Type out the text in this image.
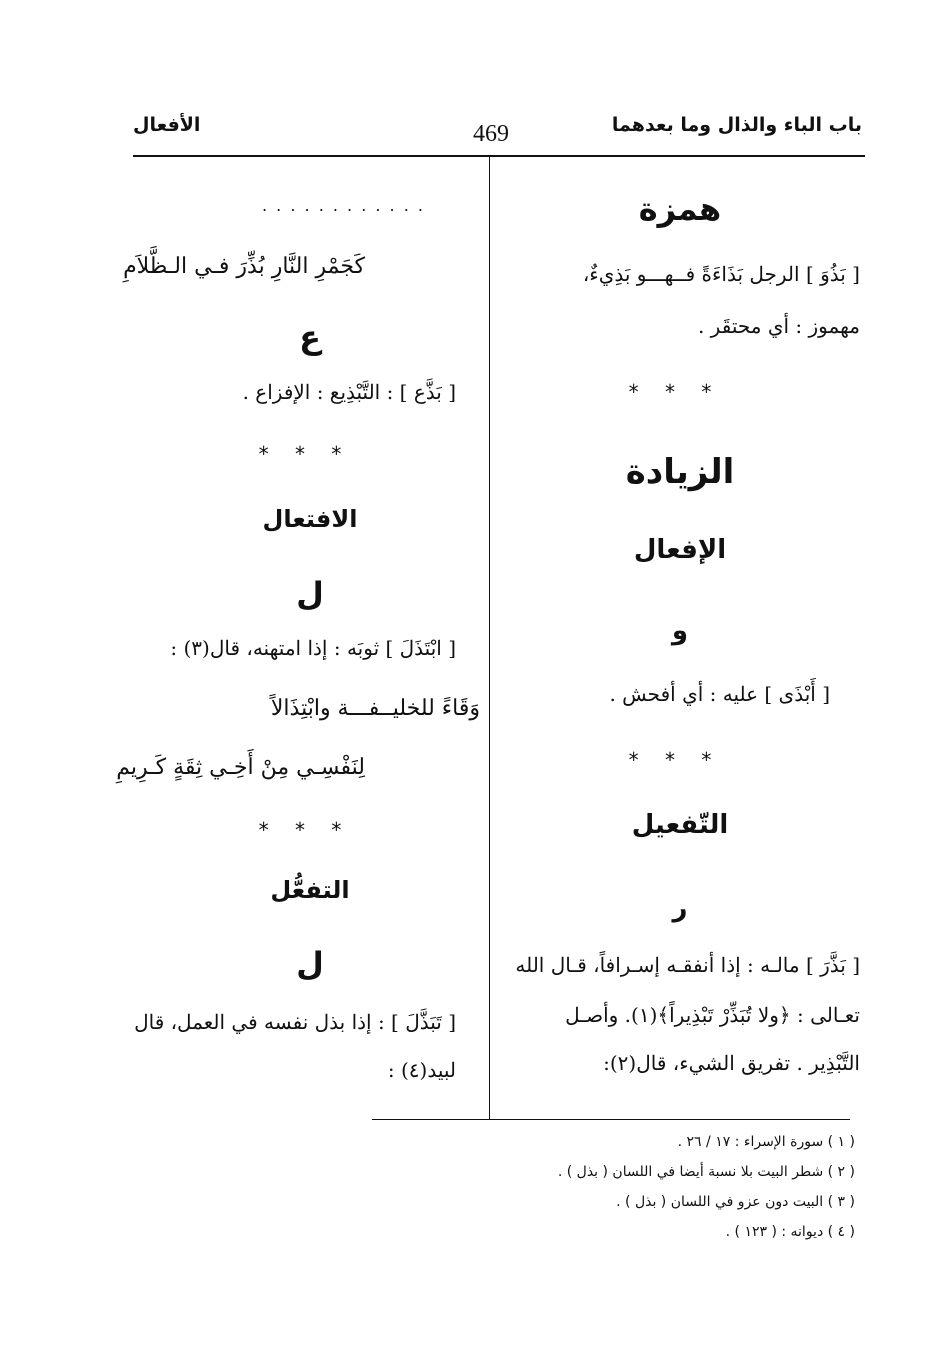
باب الباء والذال وما بعدهما
الأفعال	469
همزة
[ بَذُوَ ] الرجل بَذَاءَةً فــهـــو بَذِيءٌ،
مهموز : أي محتقَر .
* * *
الزيادة
الإفعال
و
[ أَبْذَى ] عليه : أي أفحش .
* * *
التّفعيل
ر
[ بَذَّرَ ] مالـه : إذا أنفقـه إسـرافاً، قـال الله
تعـالى : ﴿ولا تُبَذِّرْ تَبْذِيراً﴾(١). وأصـل
التَّبْذِير . تفريق الشيء، قال(٢):
. . . . . . . . . . . .
كَجَمْرِ النَّارِ بُذِّرَ فـي الـظَّلاَمِ
ع
[ بَذَّع ] : التَّبْذِيع : الإفزاع .
* * *
الافتعال
ل
[ ابْتَذَلَ ] ثوبَه : إذا امتهنه، قال(٣) :
وَقَاءً للخليــفـــة وابْتِذَالاً
لِنَفْسِـي مِنْ أَخِـي ثِقَةٍ كَـرِيمِ
* * *
التفعُّل
ل
[ تَبَذَّلَ ] : إذا بذل نفسه في العمل، قال
لبيد(٤) :
( ١ ) سورة الإسراء : ١٧ / ٢٦ .
( ٢ ) شطر البيت بلا نسبة أيضا في اللسان ( بذل ) .
( ٣ ) البيت دون عزو في اللسان ( بذل ) .
( ٤ ) ديوانه : ( ١٢٣ ) .
